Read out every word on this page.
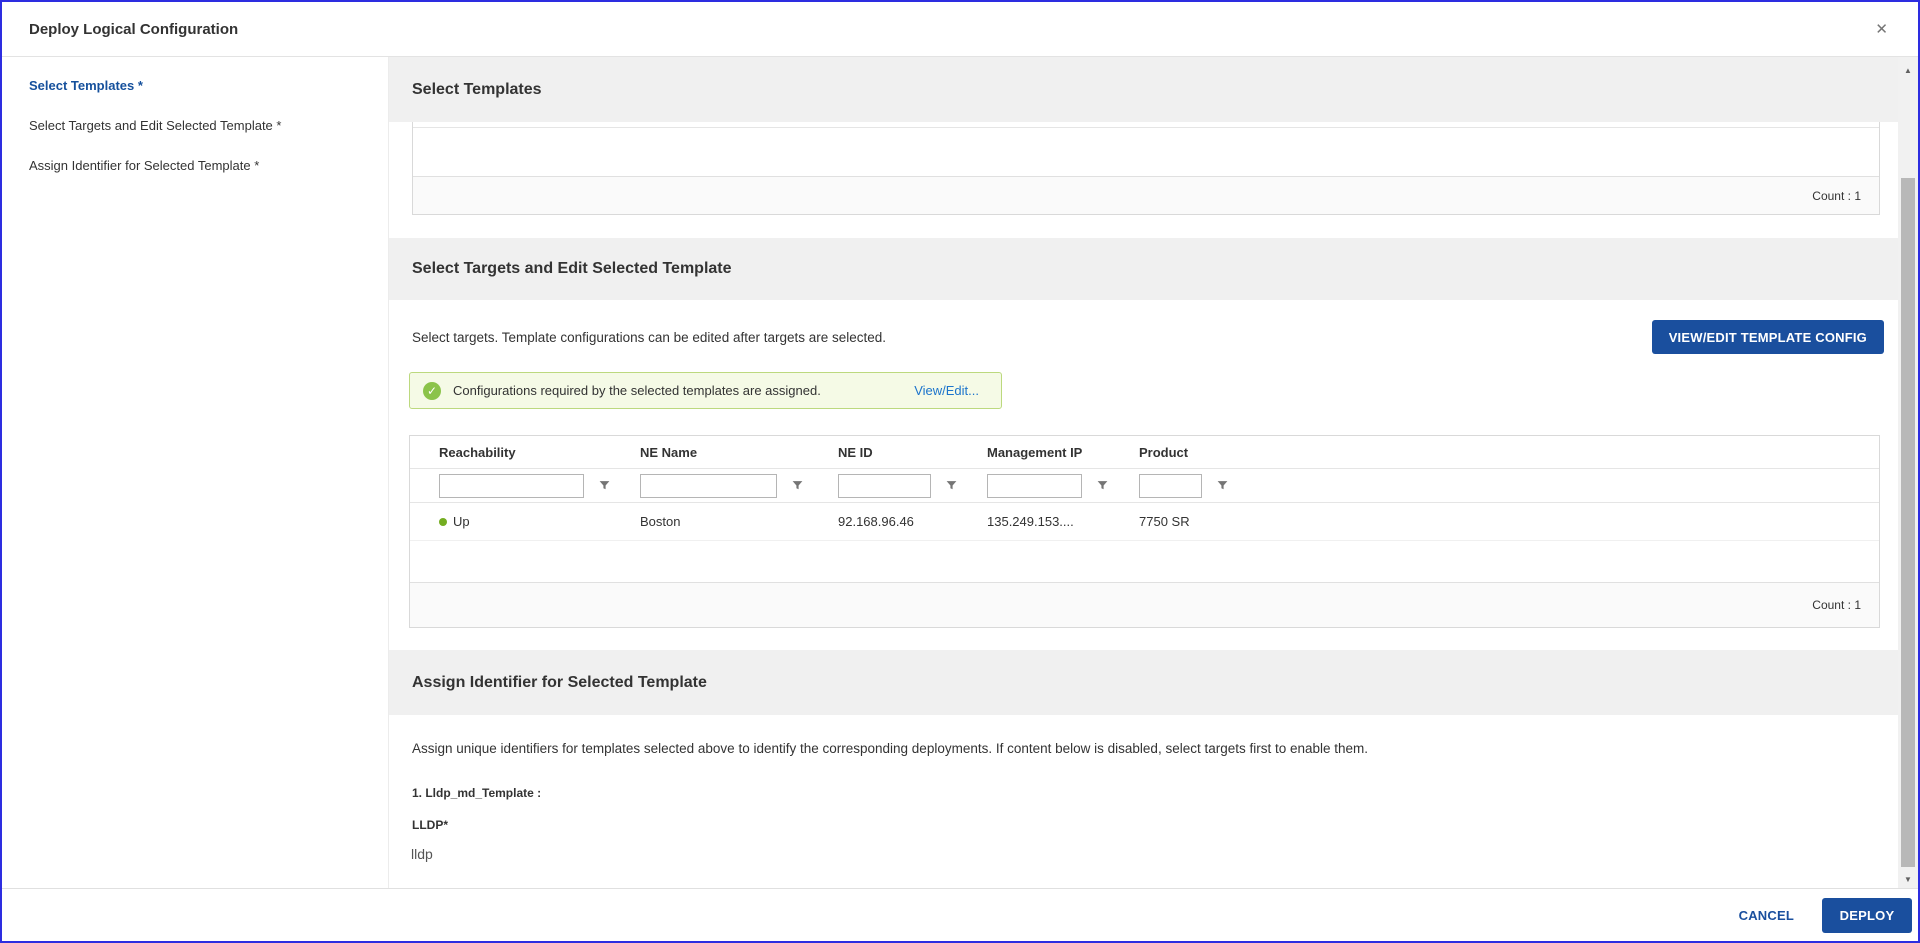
Deploy Logical Configuration	✕
Select Templates *
Select Targets and Edit Selected Template *
Assign Identifier for Selected Template *
Select Templates
Count : 1
Select Targets and Edit Selected Template
Select targets. Template configurations can be edited after targets are selected.	VIEW/EDIT TEMPLATE CONFIG
✓	Configurations required by the selected templates are assigned.	View/Edit...
Reachability	NE Name	NE ID	Management IP	Product
Up	Boston	92.168.96.46	135.249.153....	7750 SR
Count : 1
Assign Identifier for Selected Template
Assign unique identifiers for templates selected above to identify the corresponding deployments. If content below is disabled, select targets first to enable them.
1. Lldp_md_Template :
LLDP*
lldp
▲
▼
CANCEL	DEPLOY
